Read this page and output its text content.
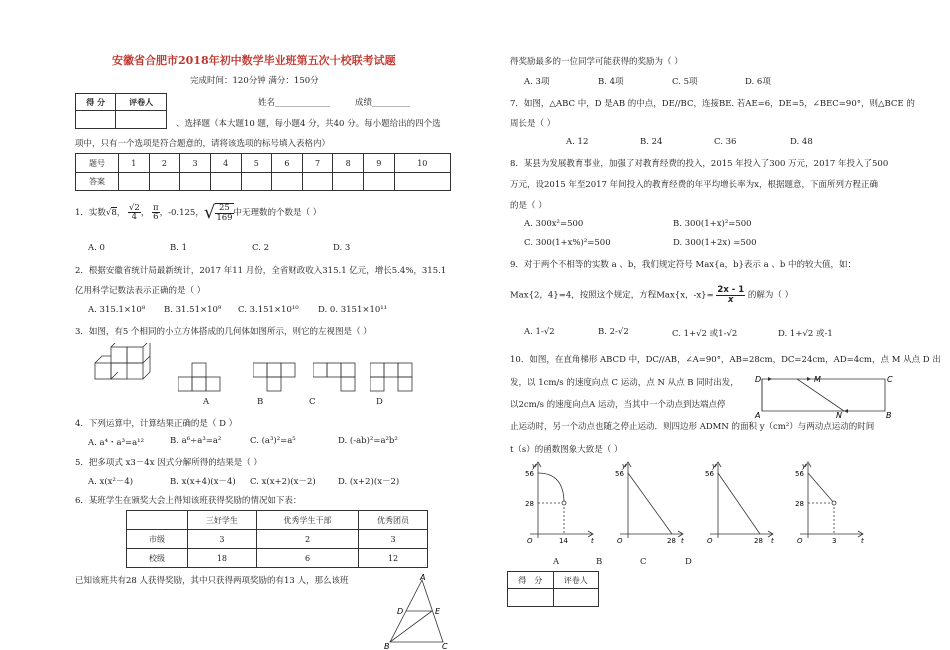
安徽省合肥市2018年初中数学毕业班第五次十校联考试题
完成时间：120分钟 满分：150分
得 分	评卷人
		姓名_____________	成绩_________
、选择题（本大题10 题，每小题4 分，共40 分。每小题给出的四个选
项中，只有一个选项是符合题意的，请将该选项的标号填入表格内）
题号	1	2	3	4	5	6	7	8	9	10
答案										
1．实数√8， $\frac{√2}{4}$ ， $\frac{\pi}{6}$ ，-0.125，√ $\frac{25}{169}$ 中无理数的个数是（ ）
A. 0	B. 1	C. 2	D. 3
2．根据安徽省统计局最新统计，2017 年11 月份，全省财政收入315.1 亿元，增长5.4%，315.1
亿用科学记数法表示正确的是（ ）
A. 315.1×10⁸ B. 31.51×10⁹ C. 3.151×10¹⁰ D. 0. 3151×10¹¹
3．如图，有5 个相同的小立方体搭成的几何体如图所示，则它的左视图是（ ）
A	B	C	D
4．下列运算中，计算结果正确的是（ D ）
A. a⁴・a³=a¹²	B. a⁶÷a³=a²	C. (a³)²=a⁵	D. (-ab)²=a²b²
5．把多项式 x3－4x 因式分解所得的结果是（ ）
A. x(x²－4)	B. x(x+4)(x－4) C. x(x+2)(x－2)	D. (x+2)(x－2)
6．某班学生在颁奖大会上得知该班获得奖励的情况如下表：
	三好学生	优秀学生干部	优秀团员
市级	3	2	3
校级	18	6	12
已知该班共有28 人获得奖励，其中只获得两项奖励的有13 人，那么该班	A
D	E
B	C
得奖励最多的一位同学可能获得的奖励为（ ）
A. 3项	B. 4项	C. 5项	D. 6项
7．如图，△ABC 中，D 是AB 的中点，DE//BC，连接BE. 若AE=6，DE=5，∠BEC=90°，则△BCE 的
周长是（ ）
A. 12	B. 24	C. 36	D. 48
8．某县为发展教育事业，加强了对教育经费的投入，2015 年投入了300 万元，2017 年投入了500
万元，设2015 年至2017 年间投入的教育经费的年平均增长率为x，根据题意，下面所列方程正确
的是（ ）
A. 300x²=500	B. 300(1+x)²=500
C. 300(1+x%)²=500	D. 300(1+2x) =500
9．对于两个不相等的实数 a 、b，我们规定符号 Max{a，b}表示 a 、b 中的较大值，如：
Max{2，4}=4，按照这个规定，方程Max{x，$-x\}= \frac{2x - 1}{x}$ 的解为（ ）
A. 1-√2	B. 2-√2	C. 1+√2 或1-√2	D. 1+√2 或-1
10．如图，在直角梯形 ABCD 中，DC//AB，∠A=90°，AB=28cm，DC=24cm，AD=4cm，点 M 从点 D 出
发，以 1cm/s 的速度向点 C 运动，点 N 从点 B 同时出发，
以2cm/s 的速度向点A 运动，当其中一个动点到达端点停
止运动时，另一个动点也随之停止运动．则四边形 ADMN 的面积 y（cm²）与两动点运动的时间
t（s）的函数图象大致是（ ）
D	M	C
A	N	B
y
t
O
56
28
14
y
t
O
56
28
y
t
O
56
28
y
t
O
56
28
3
A	B	C	D
得　分	评卷人
